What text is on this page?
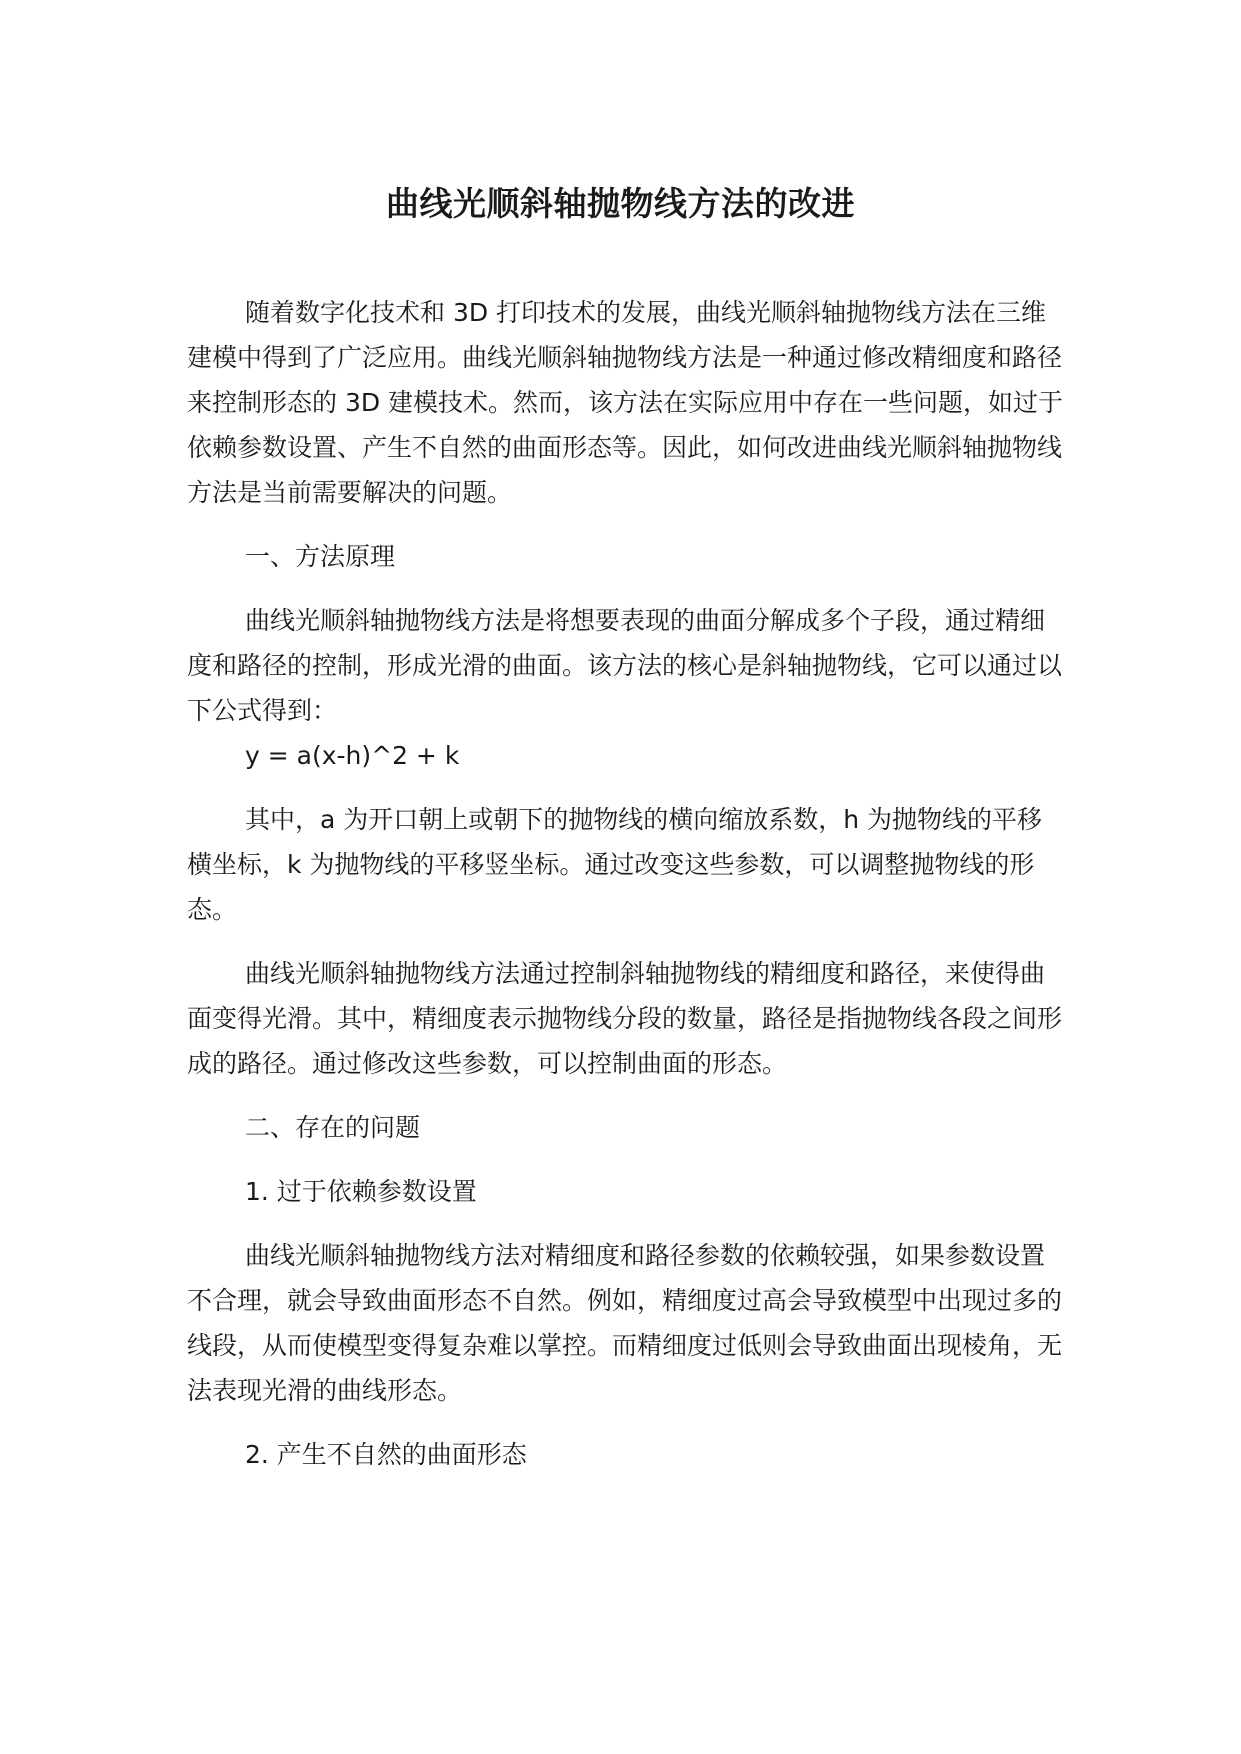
曲线光顺斜轴抛物线方法的改进

随着数字化技术和 3D 打印技术的发展，曲线光顺斜轴抛物线方法在三维建模中得到了广泛应用。曲线光顺斜轴抛物线方法是一种通过修改精细度和路径来控制形态的 3D 建模技术。然而，该方法在实际应用中存在一些问题，如过于依赖参数设置、产生不自然的曲面形态等。因此，如何改进曲线光顺斜轴抛物线方法是当前需要解决的问题。

一、方法原理

曲线光顺斜轴抛物线方法是将想要表现的曲面分解成多个子段，通过精细度和路径的控制，形成光滑的曲面。该方法的核心是斜轴抛物线，它可以通过以下公式得到：

y = a(x-h)^2 + k

其中，a 为开口朝上或朝下的抛物线的横向缩放系数，h 为抛物线的平移横坐标，k 为抛物线的平移竖坐标。通过改变这些参数，可以调整抛物线的形态。

曲线光顺斜轴抛物线方法通过控制斜轴抛物线的精细度和路径，来使得曲面变得光滑。其中，精细度表示抛物线分段的数量，路径是指抛物线各段之间形成的路径。通过修改这些参数，可以控制曲面的形态。

二、存在的问题

1. 过于依赖参数设置

曲线光顺斜轴抛物线方法对精细度和路径参数的依赖较强，如果参数设置不合理，就会导致曲面形态不自然。例如，精细度过高会导致模型中出现过多的线段，从而使模型变得复杂难以掌控。而精细度过低则会导致曲面出现棱角，无法表现光滑的曲线形态。

2. 产生不自然的曲面形态
